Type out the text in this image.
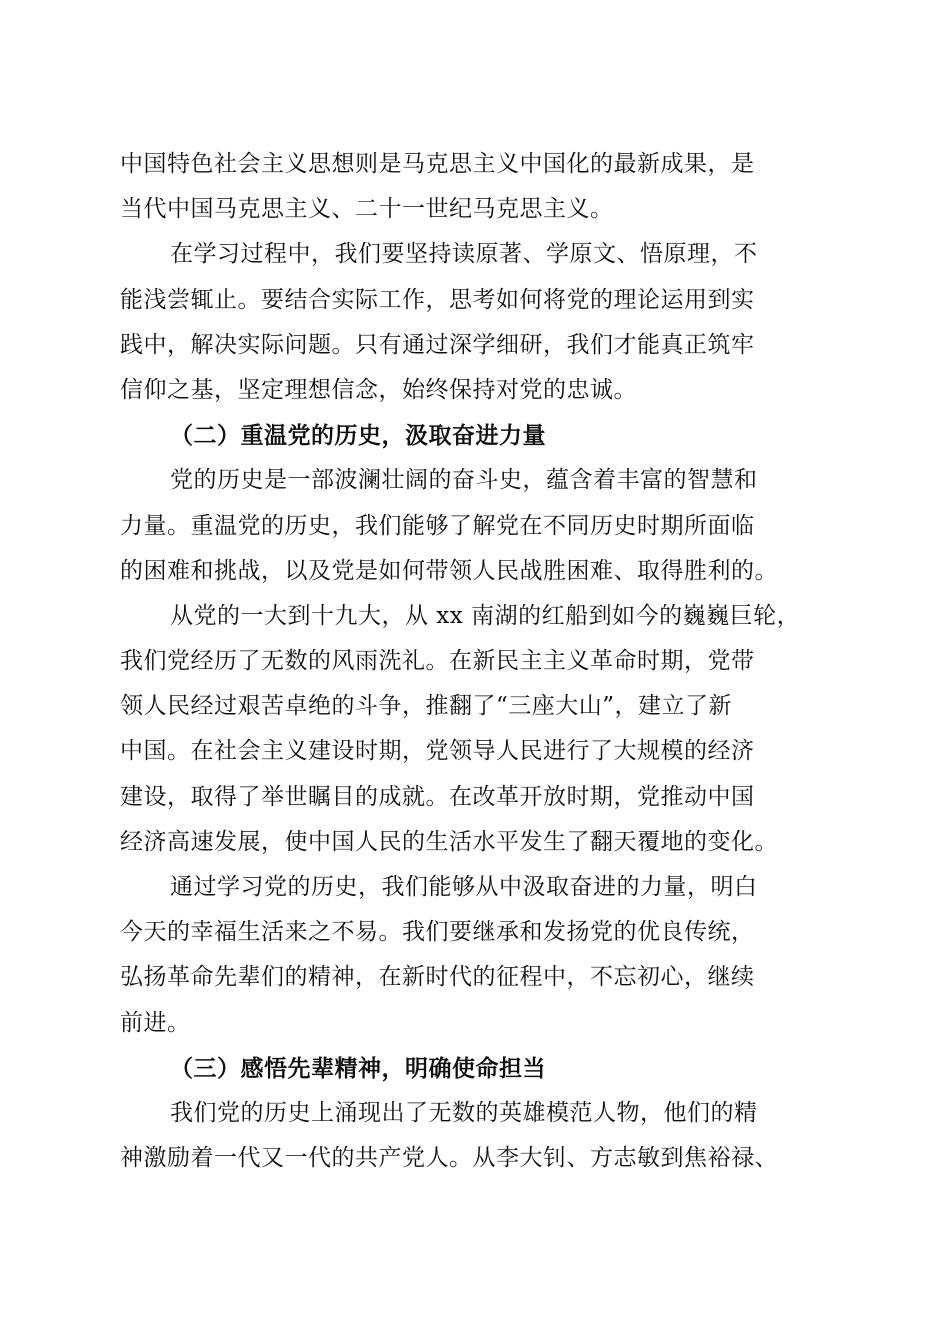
中国特色社会主义思想则是马克思主义中国化的最新成果，是
当代中国马克思主义、二十一世纪马克思主义。
在学习过程中，我们要坚持读原著、学原文、悟原理，不
能浅尝辄止。要结合实际工作，思考如何将党的理论运用到实
践中，解决实际问题。只有通过深学细研，我们才能真正筑牢
信仰之基，坚定理想信念，始终保持对党的忠诚。
（二）重温党的历史，汲取奋进力量
党的历史是一部波澜壮阔的奋斗史，蕴含着丰富的智慧和
力量。重温党的历史，我们能够了解党在不同历史时期所面临
的困难和挑战，以及党是如何带领人民战胜困难、取得胜利的。
从党的一大到十九大，从 xx 南湖的红船到如今的巍巍巨轮，
我们党经历了无数的风雨洗礼。在新民主主义革命时期，党带
领人民经过艰苦卓绝的斗争，推翻了“三座大山”，建立了新
中国。在社会主义建设时期，党领导人民进行了大规模的经济
建设，取得了举世瞩目的成就。在改革开放时期，党推动中国
经济高速发展，使中国人民的生活水平发生了翻天覆地的变化。
通过学习党的历史，我们能够从中汲取奋进的力量，明白
今天的幸福生活来之不易。我们要继承和发扬党的优良传统，
弘扬革命先辈们的精神，在新时代的征程中，不忘初心，继续
前进。
（三）感悟先辈精神，明确使命担当
我们党的历史上涌现出了无数的英雄模范人物，他们的精
神激励着一代又一代的共产党人。从李大钊、方志敏到焦裕禄、
